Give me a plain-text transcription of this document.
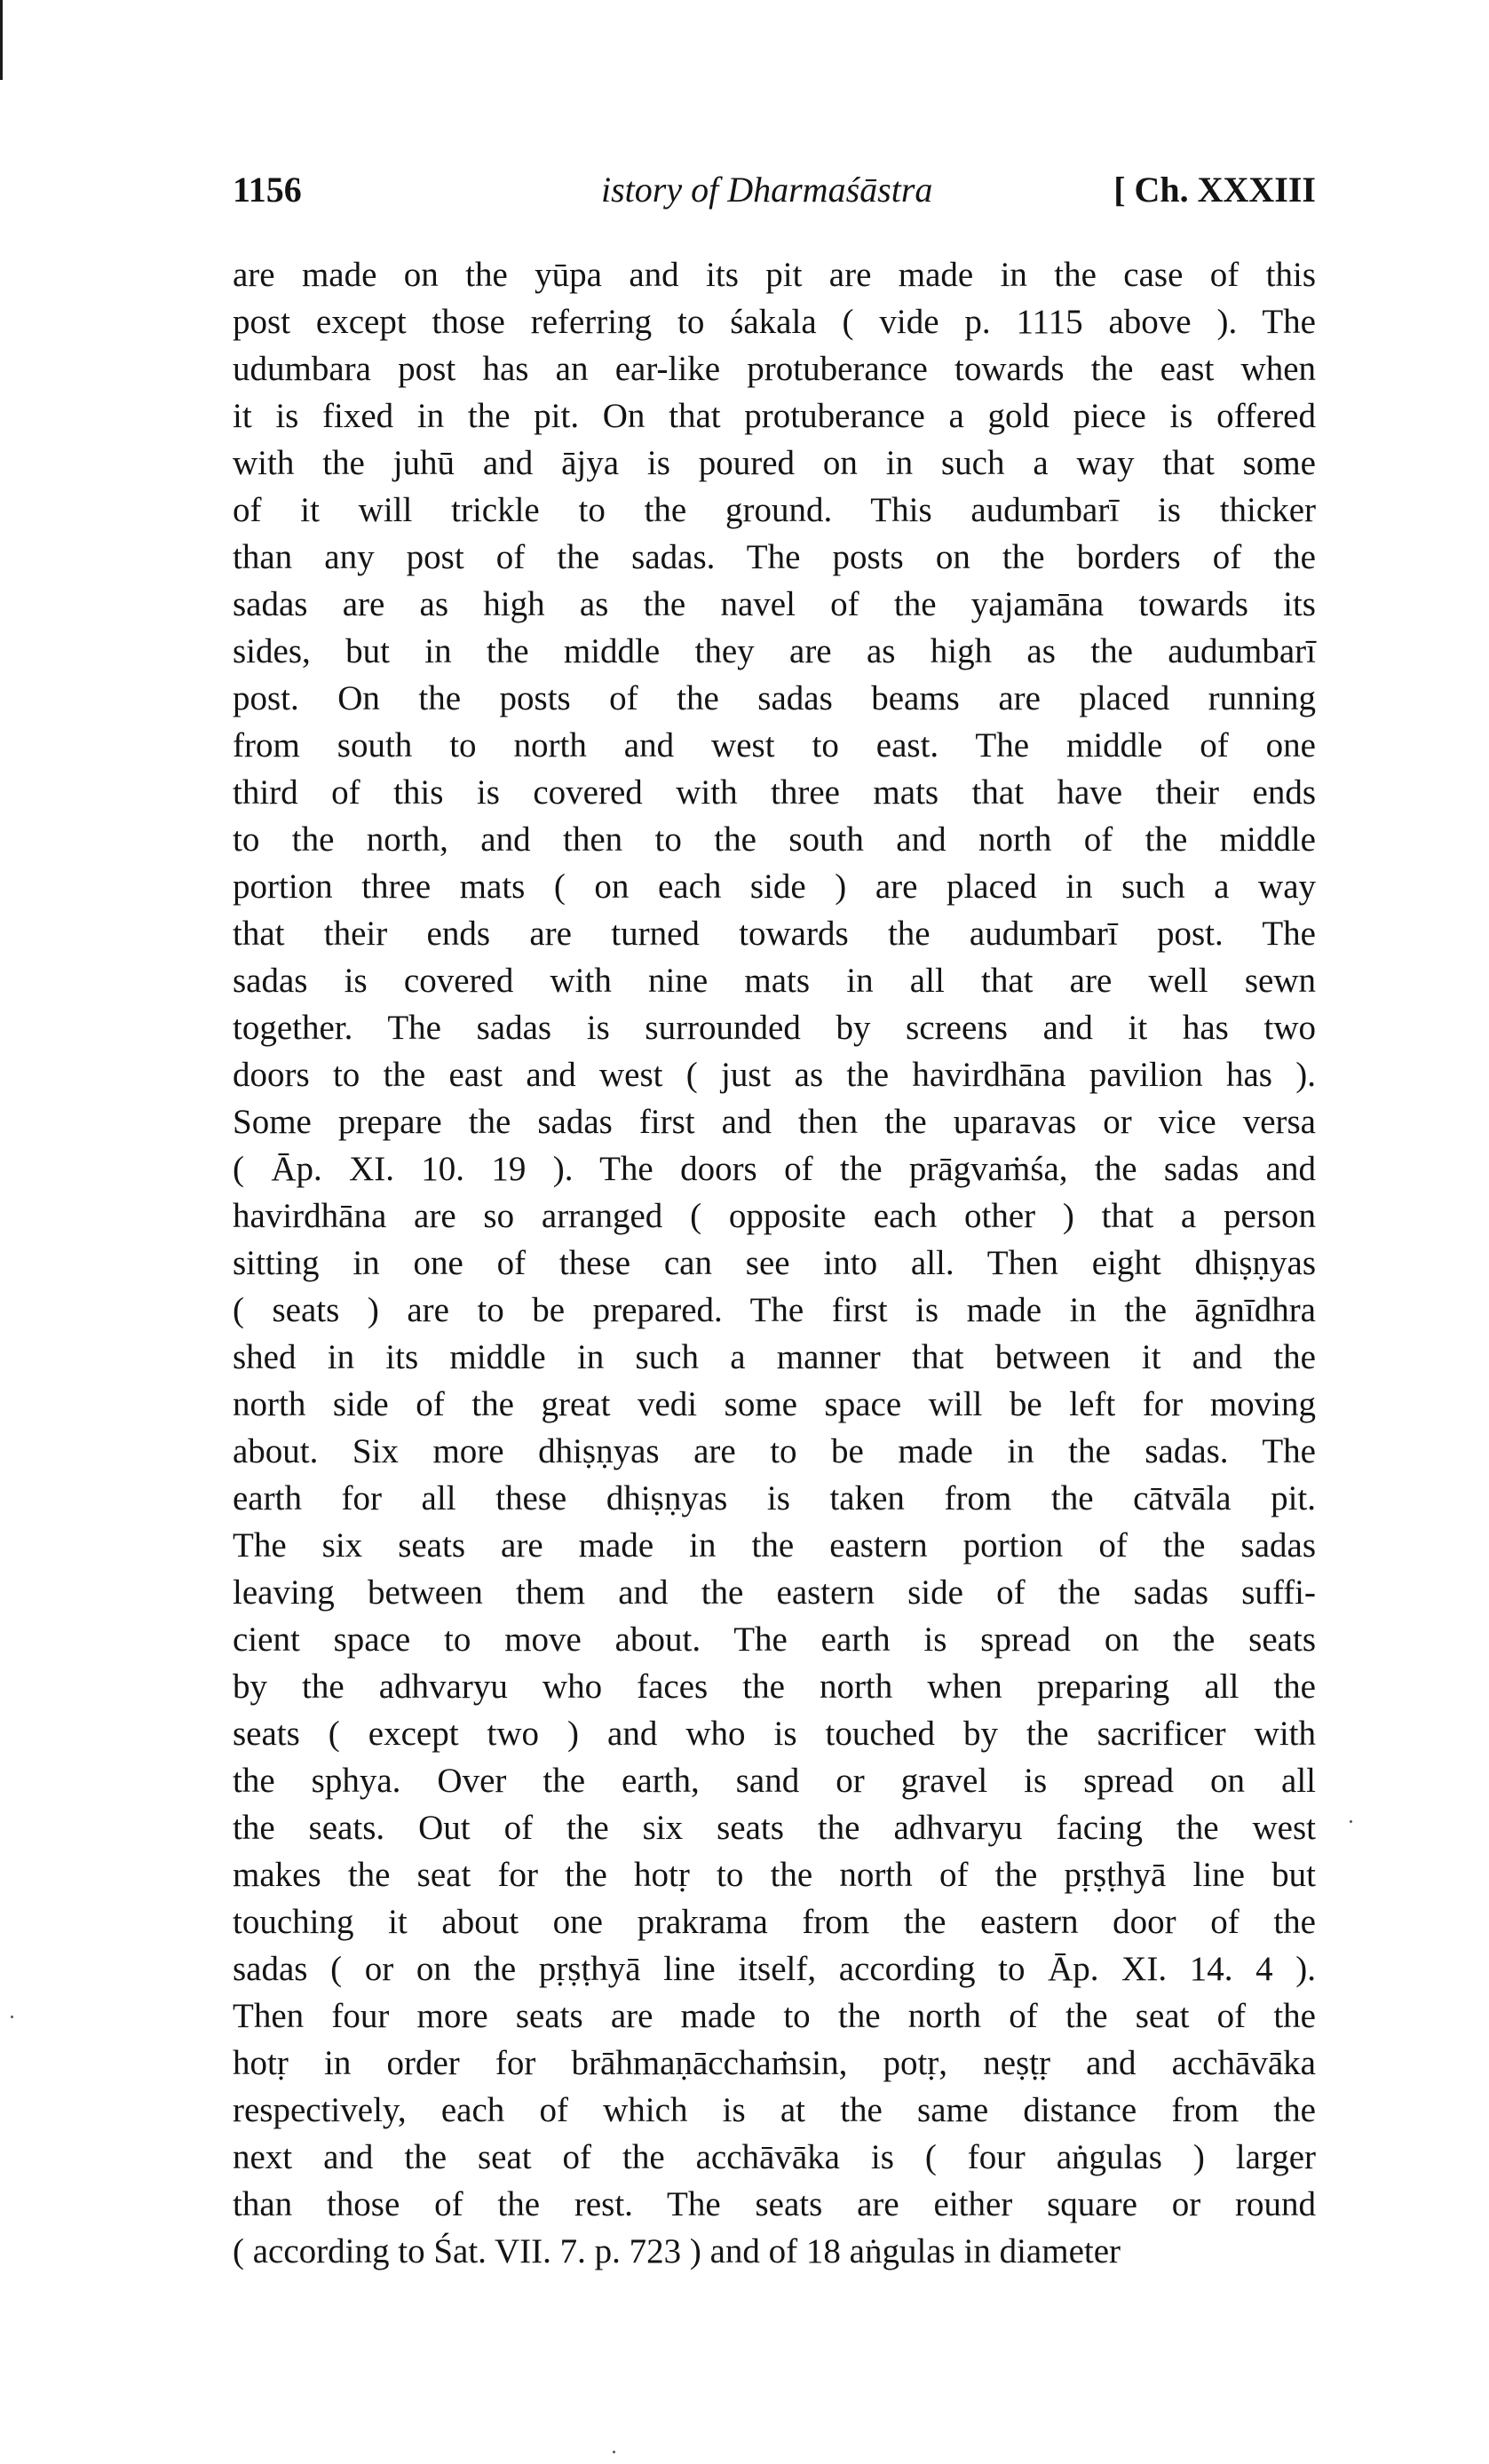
1156	istory of Dharmaśāstra	[ Ch. XXXIII
are made on the yūpa and its pit are made in the case of this
post except those referring to śakala ( vide p. 1115 above ). The
udumbara post has an ear-like protuberance towards the east when
it is fixed in the pit. On that protuberance a gold piece is offered
with the juhū and ājya is poured on in such a way that some
of it will trickle to the ground. This audumbarī is thicker
than any post of the sadas. The posts on the borders of the
sadas are as high as the navel of the yajamāna towards its
sides, but in the middle they are as high as the audumbarī
post. On the posts of the sadas beams are placed running
from south to north and west to east. The middle of one
third of this is covered with three mats that have their ends
to the north, and then to the south and north of the middle
portion three mats ( on each side ) are placed in such a way
that their ends are turned towards the audumbarī post. The
sadas is covered with nine mats in all that are well sewn
together. The sadas is surrounded by screens and it has two
doors to the east and west ( just as the havirdhāna pavilion has ).
Some prepare the sadas first and then the uparavas or vice versa
( Āp. XI. 10. 19 ). The doors of the prāgvaṁśa, the sadas and
havirdhāna are so arranged ( opposite each other ) that a person
sitting in one of these can see into all. Then eight dhiṣṇyas
( seats ) are to be prepared. The first is made in the āgnīdhra
shed in its middle in such a manner that between it and the
north side of the great vedi some space will be left for moving
about. Six more dhiṣṇyas are to be made in the sadas. The
earth for all these dhiṣṇyas is taken from the cātvāla pit.
The six seats are made in the eastern portion of the sadas
leaving between them and the eastern side of the sadas suffi-
cient space to move about. The earth is spread on the seats
by the adhvaryu who faces the north when preparing all the
seats ( except two ) and who is touched by the sacrificer with
the sphya. Over the earth, sand or gravel is spread on all
the seats. Out of the six seats the adhvaryu facing the west
makes the seat for the hotṛ to the north of the pṛṣṭhyā line but
touching it about one prakrama from the eastern door of the
sadas ( or on the pṛṣṭhyā line itself, according to Āp. XI. 14. 4 ).
Then four more seats are made to the north of the seat of the
hotṛ in order for brāhmaṇācchaṁsin, potṛ, neṣṭṛ and acchāvāka
respectively, each of which is at the same distance from the
next and the seat of the acchāvāka is ( four aṅgulas ) larger
than those of the rest. The seats are either square or round
( according to Śat. VII. 7. p. 723 ) and of 18 aṅgulas in diameter
